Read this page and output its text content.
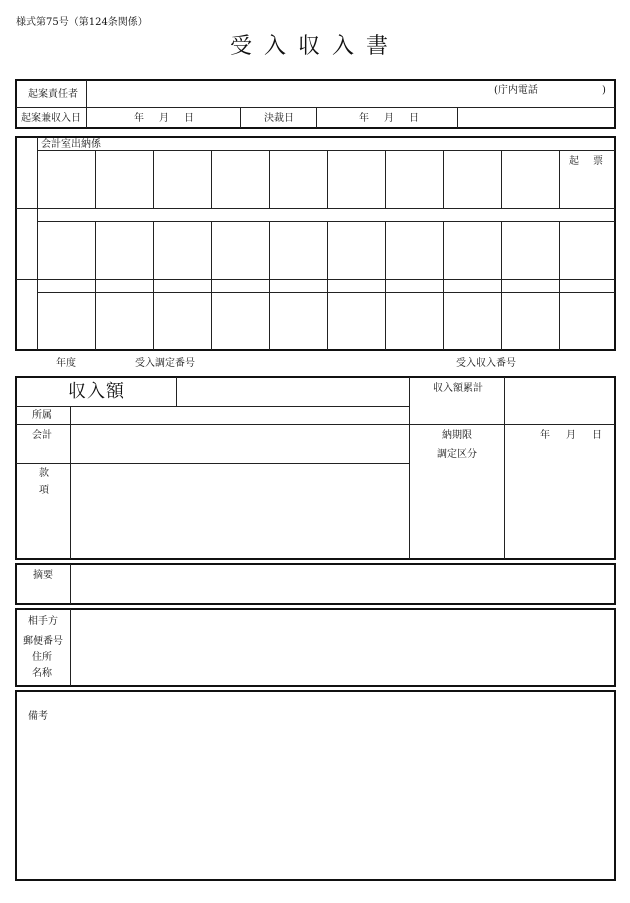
様式第75号（第124条関係）
受入収入書
起案責任者	(庁内電話	)
起案兼収入日	年 月 日	決裁日	年 月 日
会計室出納係
起 票
年度	受入調定番号	受入収入番号
収入額	収入額累計
所属
会計	納期限
調定区分
年 月 日
款
項
摘要
相手方
郵便番号
住所
名称
備考
